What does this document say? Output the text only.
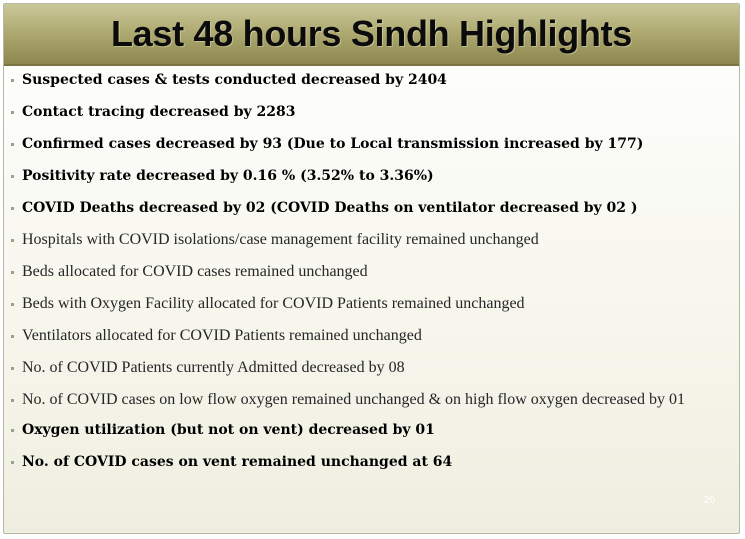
Last 48 hours Sindh Highlights
Suspected cases & tests conducted decreased by 2404
Contact tracing decreased by 2283
Confirmed cases decreased by 93 (Due to Local transmission increased by 177)
Positivity rate decreased by 0.16 % (3.52% to 3.36%)
COVID Deaths decreased by 02 (COVID Deaths on ventilator decreased by 02 )
Hospitals with COVID isolations/case management facility remained unchanged
Beds allocated for COVID cases remained unchanged
Beds with Oxygen Facility allocated for COVID Patients remained unchanged
Ventilators allocated for COVID Patients remained unchanged
No. of COVID Patients currently Admitted decreased by 08
No. of COVID cases on low flow oxygen remained unchanged & on high flow oxygen decreased by 01
Oxygen utilization (but not on vent) decreased by 01
No. of COVID cases on vent remained unchanged at 64
20
